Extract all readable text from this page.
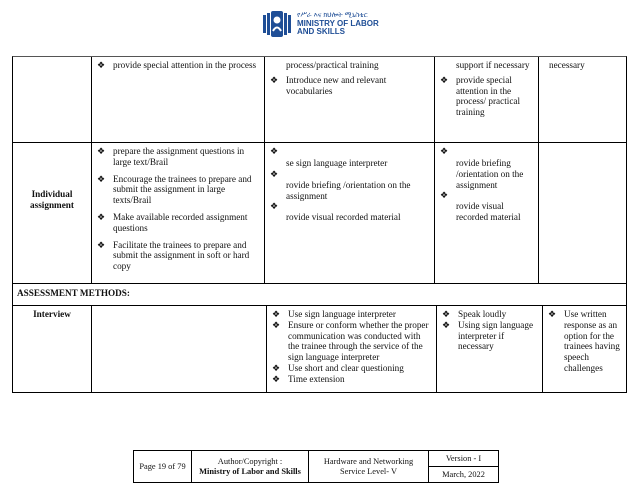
የሥራ እና ክህሎት ሚኒስቴር
MINISTRY OF LABOR
AND SKILLS
❖ provide special attention in the process	process/practical training
❖ Introduce new and relevant vocabularies
support if necessary
❖ provide special attention in the process/ practical training
necessary
Individual assignment
❖ prepare the assignment questions in large text/Brail
❖ Encourage the trainees to prepare and submit the assignment in large texts/Brail
❖ Make available recorded assignment questions
❖ Facilitate the trainees to prepare and submit the assignment in soft or hard copy
❖
se sign language interpreter
❖
rovide briefing /orientation on the assignment
❖
rovide visual recorded material
❖
rovide briefing /orientation on the assignment
❖
rovide visual recorded material
ASSESSMENT METHODS:
Interview	❖ Use sign language interpreter
❖ Ensure or conform whether the proper communication was conducted with the trainee through the service of the sign language interpreter
❖ Use short and clear questioning
❖ Time extension
❖ Speak loudly
❖ Using sign language interpreter if necessary
❖ Use written response as an option for the trainees having speech challenges
Page 19 of 79
Author/Copyright :
Ministry of Labor and Skills
Hardware and Networking
Service Level- V
Version - I
March, 2022
